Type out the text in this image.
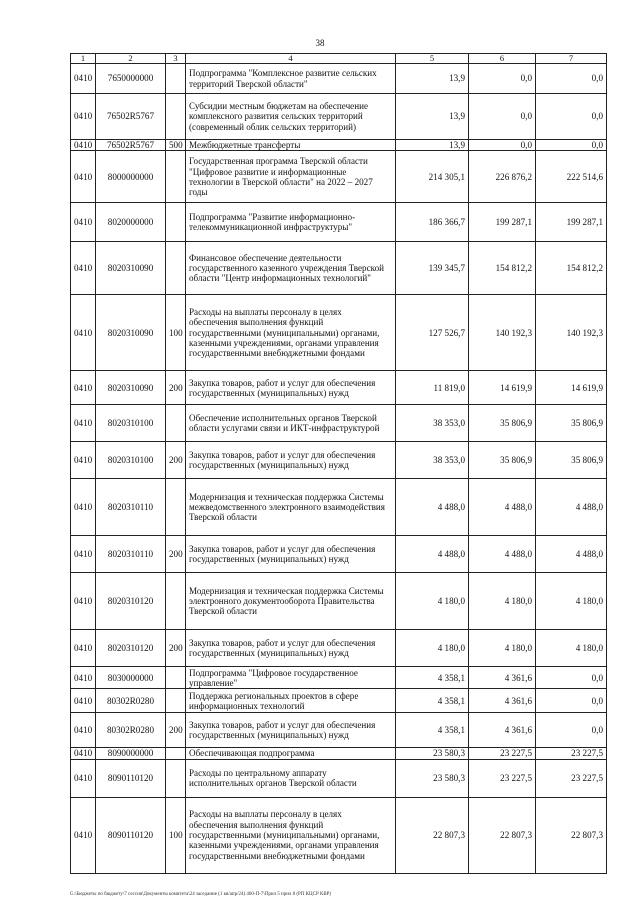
38
1	2	3	4	5	6	7
0410	7650000000		Подпрограмма "Комплексное развитие сельских территорий Тверской области"	13,9	0,0	0,0
0410	76502R5767		Субсидии местным бюджетам на обеспечение комплексного развития сельских территорий (современный облик сельских территорий)	13,9	0,0	0,0
0410	76502R5767	500	Межбюджетные трансферты	13,9	0,0	0,0
0410	8000000000		Государственная программа Тверской области "Цифровое развитие и информационные технологии в Тверской области" на 2022 – 2027 годы	214 305,1	226 876,2	222 514,6
0410	8020000000		Подпрограмма "Развитие информационно-телекоммуникационной инфраструктуры"	186 366,7	199 287,1	199 287,1
0410	8020310090		Финансовое обеспечение деятельности государственного казенного учреждения Тверской области "Центр информационных технологий"	139 345,7	154 812,2	154 812,2
0410	8020310090	100	Расходы на выплаты персоналу в целях обеспечения выполнения функций государственными (муниципальными) органами, казенными учреждениями, органами управления государственными внебюджетными фондами	127 526,7	140 192,3	140 192,3
0410	8020310090	200	Закупка товаров, работ и услуг для обеспечения государственных (муниципальных) нужд	11 819,0	14 619,9	14 619,9
0410	8020310100		Обеспечение исполнительных органов Тверской области услугами связи и ИКТ-инфраструктурой	38 353,0	35 806,9	35 806,9
0410	8020310100	200	Закупка товаров, работ и услуг для обеспечения государственных (муниципальных) нужд	38 353,0	35 806,9	35 806,9
0410	8020310110		Модернизация и техническая поддержка Системы межведомственного электронного взаимодействия Тверской области	4 488,0	4 488,0	4 488,0
0410	8020310110	200	Закупка товаров, работ и услуг для обеспечения государственных (муниципальных) нужд	4 488,0	4 488,0	4 488,0
0410	8020310120		Модернизация и техническая поддержка Системы электронного документооборота Правительства Тверской области	4 180,0	4 180,0	4 180,0
0410	8020310120	200	Закупка товаров, работ и услуг для обеспечения государственных (муниципальных) нужд	4 180,0	4 180,0	4 180,0
0410	8030000000		Подпрограмма "Цифровое государственное управление"	4 358,1	4 361,6	0,0
0410	80302R0280		Поддержка региональных проектов в сфере информационных технологий	4 358,1	4 361,6	0,0
0410	80302R0280	200	Закупка товаров, работ и услуг для обеспечения государственных (муниципальных) нужд	4 358,1	4 361,6	0,0
0410	8090000000		Обеспечивающая подпрограмма	23 580,3	23 227,5	23 227,5
0410	8090110120		Расходы по центральному аппарату исполнительных органов Тверской области	23 580,3	23 227,5	23 227,5
0410	8090110120	100	Расходы на выплаты персоналу в целях обеспечения выполнения функций государственными (муниципальными) органами, казенными учреждениями, органами управления государственными внебюджетными фондами	22 807,3	22 807,3	22 807,3
G:\Бюджеты по бюджету\7 сессия\Документы комитета\24 заседание (1 кв/апр/24) 460-П-7\Прил 5 прил 8 (РП КЦСР КВР)
